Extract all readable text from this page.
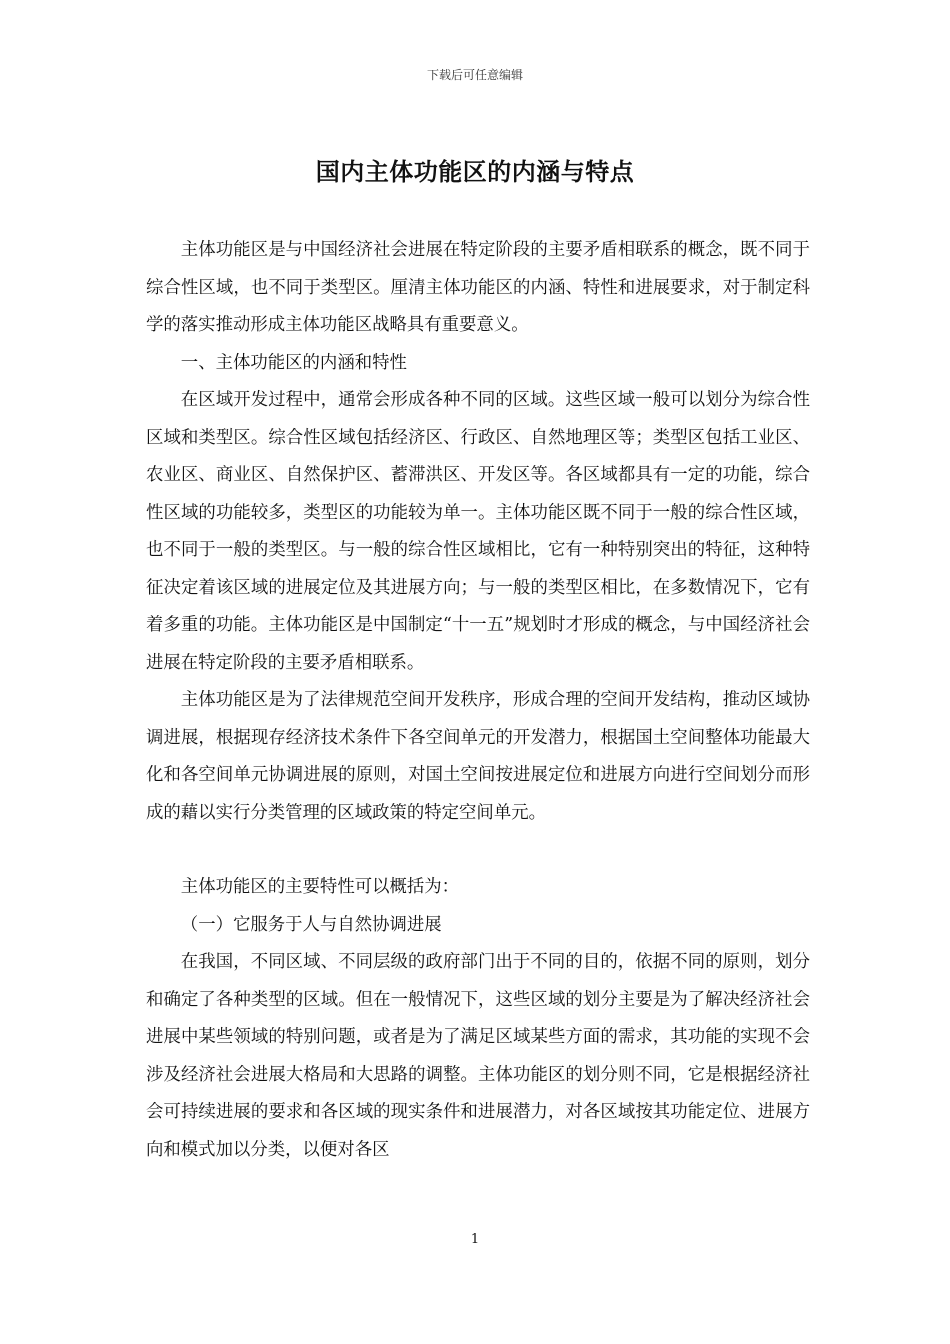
下载后可任意编辑
国内主体功能区的内涵与特点

主体功能区是与中国经济社会进展在特定阶段的主要矛盾相联系的概念，既不同于综合性区域，也不同于类型区。厘清主体功能区的内涵、特性和进展要求，对于制定科学的落实推动形成主体功能区战略具有重要意义。

一、主体功能区的内涵和特性

在区域开发过程中，通常会形成各种不同的区域。这些区域一般可以划分为综合性区域和类型区。综合性区域包括经济区、行政区、自然地理区等；类型区包括工业区、农业区、商业区、自然保护区、蓄滞洪区、开发区等。各区域都具有一定的功能，综合性区域的功能较多，类型区的功能较为单一。主体功能区既不同于一般的综合性区域，也不同于一般的类型区。与一般的综合性区域相比，它有一种特别突出的特征，这种特征决定着该区域的进展定位及其进展方向；与一般的类型区相比，在多数情况下，它有着多重的功能。主体功能区是中国制定“十一五”规划时才形成的概念，与中国经济社会进展在特定阶段的主要矛盾相联系。

主体功能区是为了法律规范空间开发秩序，形成合理的空间开发结构，推动区域协调进展，根据现存经济技术条件下各空间单元的开发潜力，根据国土空间整体功能最大化和各空间单元协调进展的原则，对国土空间按进展定位和进展方向进行空间划分而形成的藉以实行分类管理的区域政策的特定空间单元。

主体功能区的主要特性可以概括为：

（一）它服务于人与自然协调进展

在我国，不同区域、不同层级的政府部门出于不同的目的，依据不同的原则，划分和确定了各种类型的区域。但在一般情况下，这些区域的划分主要是为了解决经济社会进展中某些领域的特别问题，或者是为了满足区域某些方面的需求，其功能的实现不会涉及经济社会进展大格局和大思路的调整。主体功能区的划分则不同，它是根据经济社会可持续进展的要求和各区域的现实条件和进展潜力，对各区域按其功能定位、进展方向和模式加以分类，以便对各区

1
